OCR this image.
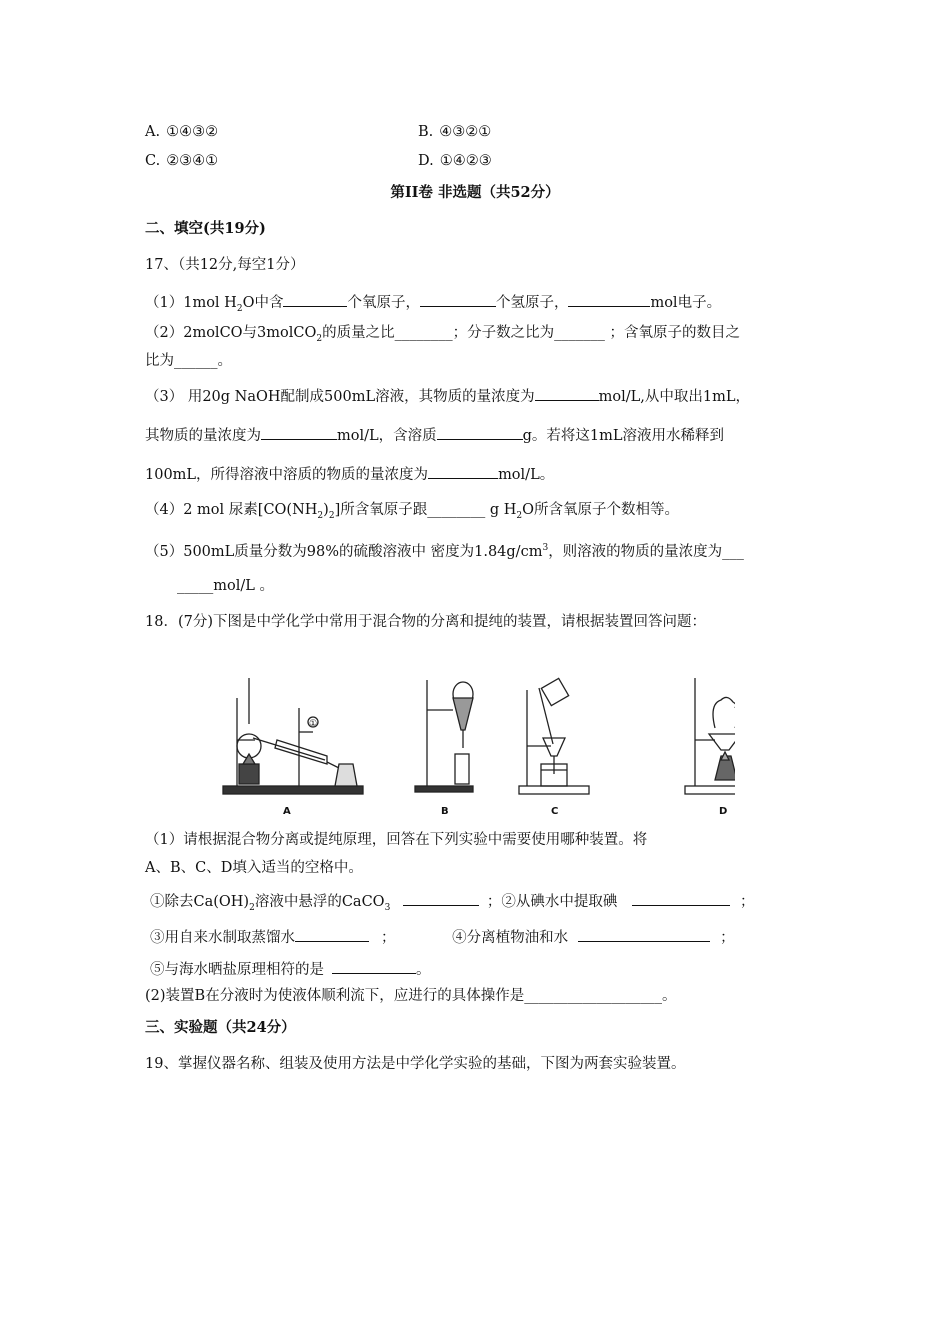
A. ①④③②	B. ④③②①
C. ②③④①	D. ①④②③
第II卷 非选题（共52分）
二、填空(共19分)
17、（共12分,每空1分）
（1）1mol $H_2O$中含	个氧原子，	个氢原子，	mol电子。
（2）2molCO与3molCO$_2$的质量之比________；分子数之比为_______ ；含氧原子的数目之
比为______。
（3） 用20g NaOH配制成500mL溶液，其物质的量浓度为	mol/L,从中取出1mL，
其物质的量浓度为	mol/L，含溶质	g。若将这1mL溶液用水稀释到
100mL，所得溶液中溶质的物质的量浓度为	mol/L。
（4）2 mol 尿素$[CO(NH_2)_2]$所含氧原子跟________ g $H_2O$所含氧原子个数相等。
（5）500mL质量分数为98%的硫酸溶液中 密度为$1.84g/cm^3$，则溶液的物质的量浓度为___
_____mol/L 。
18．(7分)下图是中学化学中常用于混合物的分离和提纯的装置，请根据装置回答问题：
A
①
B	C	D
（1）请根据混合物分离或提纯原理，回答在下列实验中需要使用哪种装置。将
A、B、C、D填入适当的空格中。
①除去$Ca(OH)_2$溶液中悬浮的CaCO$_3$	；②从碘水中提取碘	；
③用自来水制取蒸馏水	；	④分离植物油和水	；
⑤与海水晒盐原理相符的是	。
(2)装置B在分液时为使液体顺利流下，应进行的具体操作是___________________。
三、实验题（共24分）
19、掌握仪器名称、组装及使用方法是中学化学实验的基础，下图为两套实验装置。
